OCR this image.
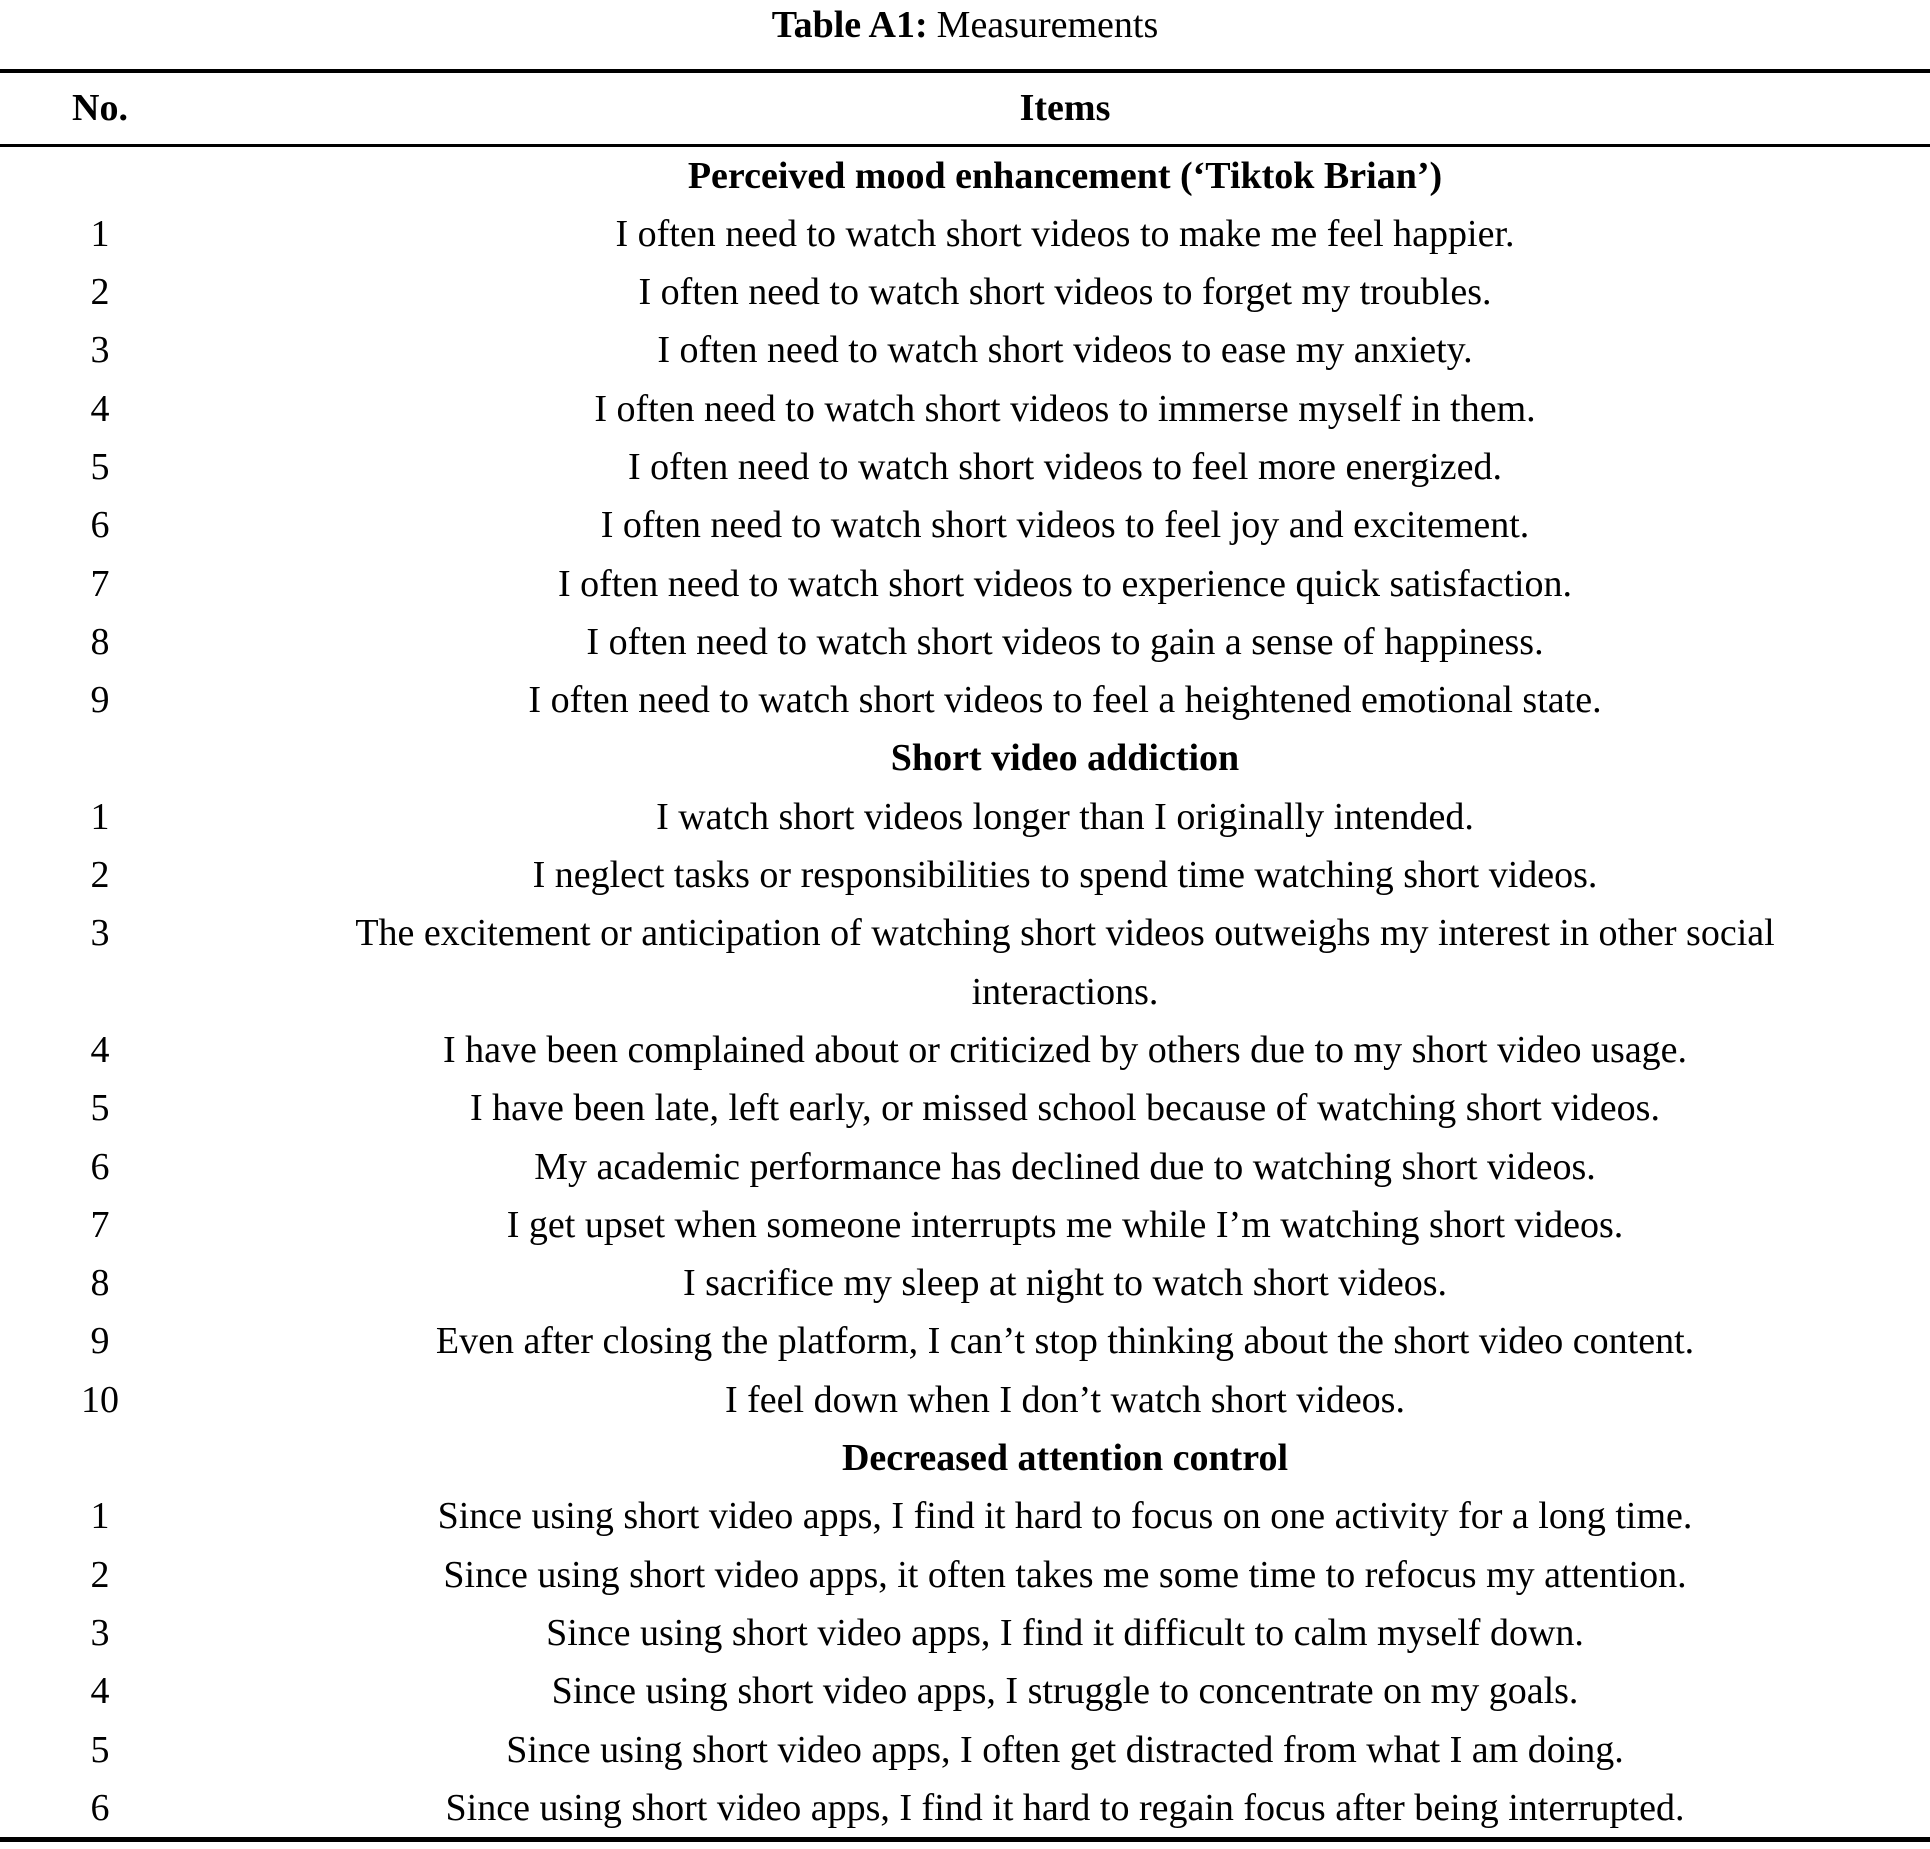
Table A1: Measurements
No.	Items
	Perceived mood enhancement (‘Tiktok Brian’)
1	I often need to watch short videos to make me feel happier.
2	I often need to watch short videos to forget my troubles.
3	I often need to watch short videos to ease my anxiety.
4	I often need to watch short videos to immerse myself in them.
5	I often need to watch short videos to feel more energized.
6	I often need to watch short videos to feel joy and excitement.
7	I often need to watch short videos to experience quick satisfaction.
8	I often need to watch short videos to gain a sense of happiness.
9	I often need to watch short videos to feel a heightened emotional state.
	Short video addiction
1	I watch short videos longer than I originally intended.
2	I neglect tasks or responsibilities to spend time watching short videos.
3	The excitement or anticipation of watching short videos outweighs my interest in other social interactions.
4	I have been complained about or criticized by others due to my short video usage.
5	I have been late, left early, or missed school because of watching short videos.
6	My academic performance has declined due to watching short videos.
7	I get upset when someone interrupts me while I’m watching short videos.
8	I sacrifice my sleep at night to watch short videos.
9	Even after closing the platform, I can’t stop thinking about the short video content.
10	I feel down when I don’t watch short videos.
	Decreased attention control
1	Since using short video apps, I find it hard to focus on one activity for a long time.
2	Since using short video apps, it often takes me some time to refocus my attention.
3	Since using short video apps, I find it difficult to calm myself down.
4	Since using short video apps, I struggle to concentrate on my goals.
5	Since using short video apps, I often get distracted from what I am doing.
6	Since using short video apps, I find it hard to regain focus after being interrupted.
